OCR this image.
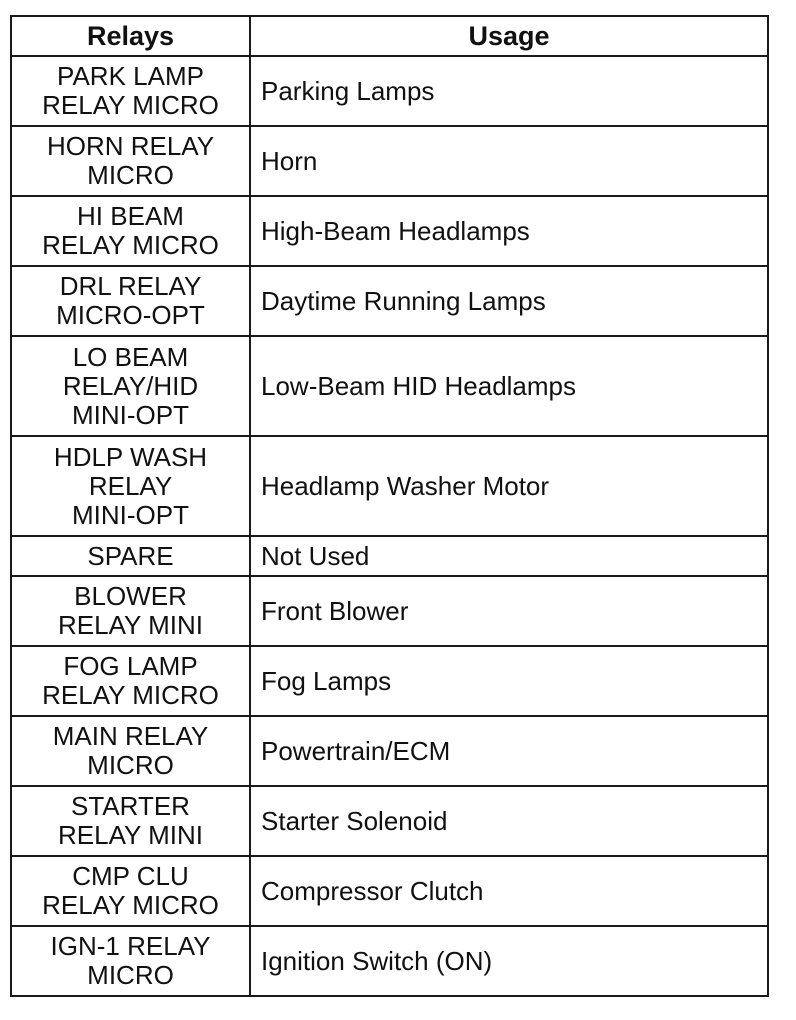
Relays	Usage

PARK LAMP
RELAY MICRO	Parking Lamps

HORN RELAY
MICRO	Horn

HI BEAM
RELAY MICRO	High-Beam Headlamps

DRL RELAY
MICRO-OPT	Daytime Running Lamps

LO BEAM
RELAY/HID
MINI-OPT	Low-Beam HID Headlamps

HDLP WASH
RELAY
MINI-OPT	Headlamp Washer Motor

SPARE	Not Used

BLOWER
RELAY MINI	Front Blower

FOG LAMP
RELAY MICRO	Fog Lamps

MAIN RELAY
MICRO	Powertrain/ECM

STARTER
RELAY MINI	Starter Solenoid

CMP CLU
RELAY MICRO	Compressor Clutch

IGN-1 RELAY
MICRO	Ignition Switch (ON)
